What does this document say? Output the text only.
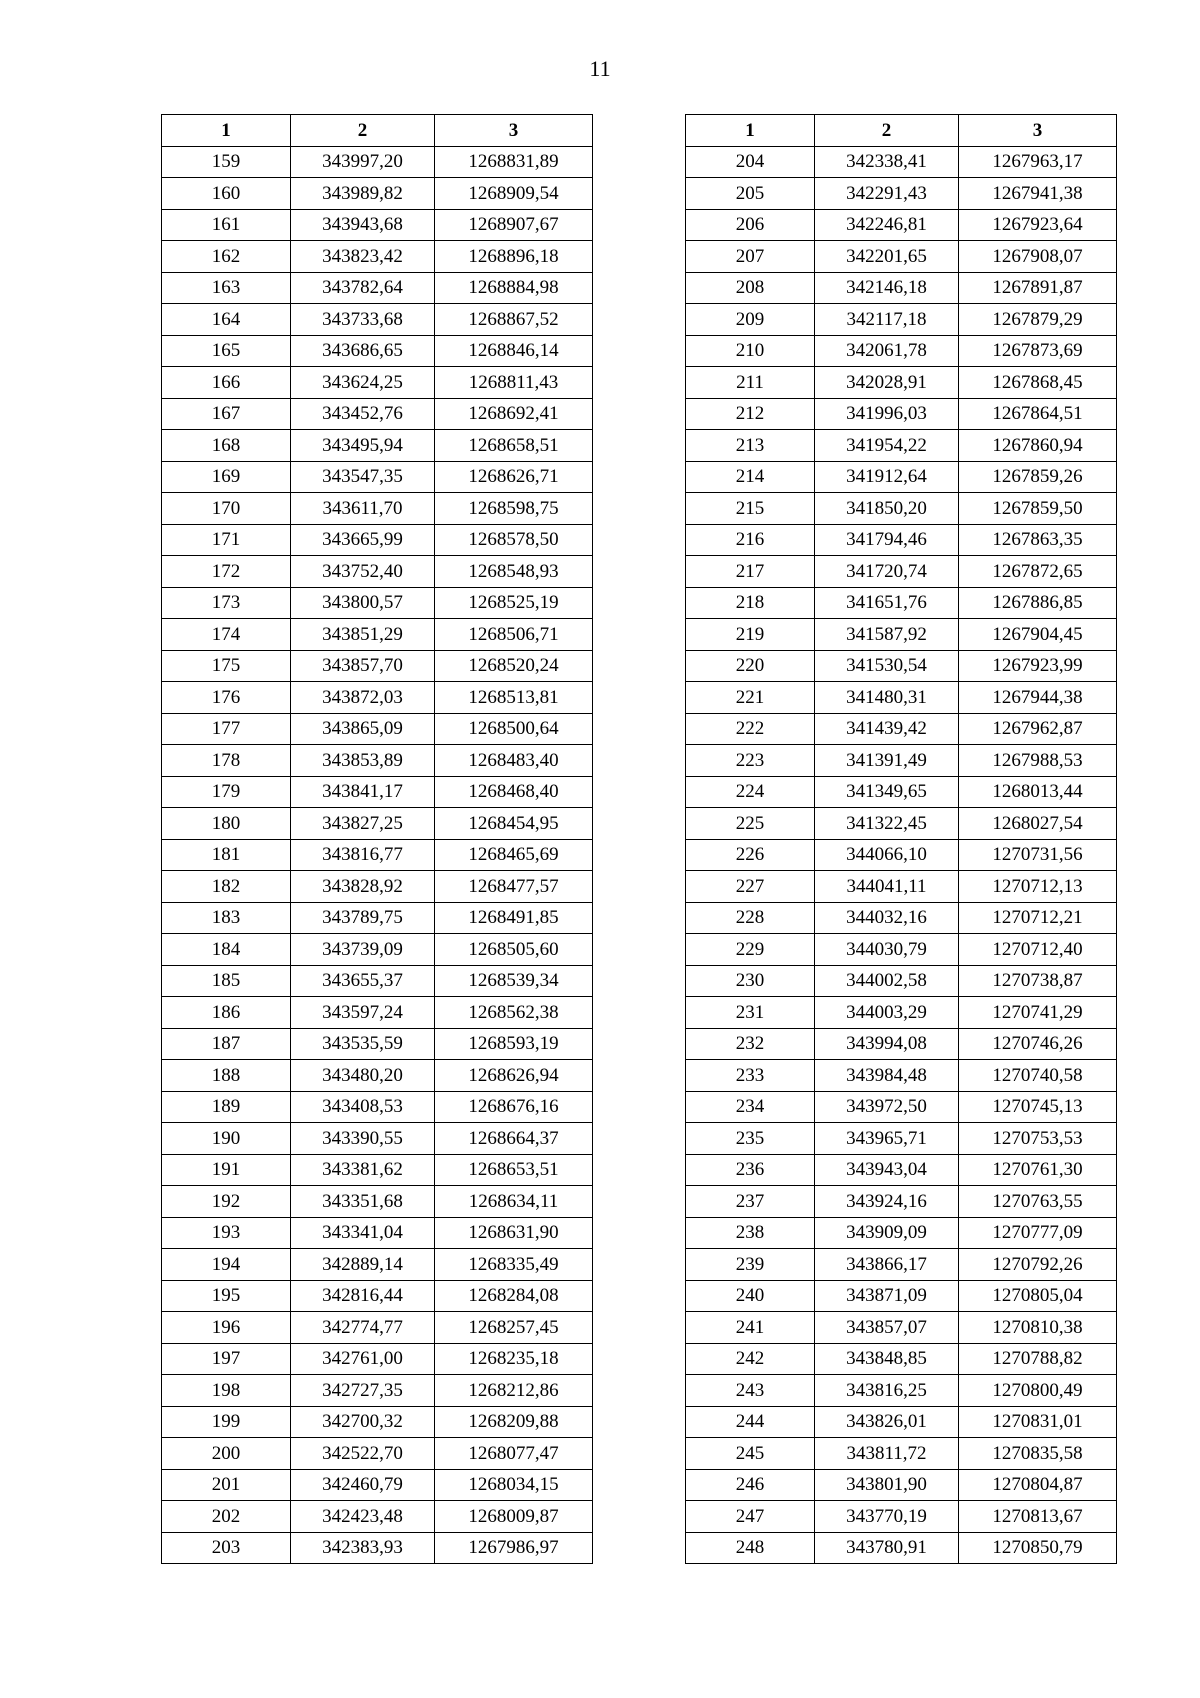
11
1	2	3
159	343997,20	1268831,89
160	343989,82	1268909,54
161	343943,68	1268907,67
162	343823,42	1268896,18
163	343782,64	1268884,98
164	343733,68	1268867,52
165	343686,65	1268846,14
166	343624,25	1268811,43
167	343452,76	1268692,41
168	343495,94	1268658,51
169	343547,35	1268626,71
170	343611,70	1268598,75
171	343665,99	1268578,50
172	343752,40	1268548,93
173	343800,57	1268525,19
174	343851,29	1268506,71
175	343857,70	1268520,24
176	343872,03	1268513,81
177	343865,09	1268500,64
178	343853,89	1268483,40
179	343841,17	1268468,40
180	343827,25	1268454,95
181	343816,77	1268465,69
182	343828,92	1268477,57
183	343789,75	1268491,85
184	343739,09	1268505,60
185	343655,37	1268539,34
186	343597,24	1268562,38
187	343535,59	1268593,19
188	343480,20	1268626,94
189	343408,53	1268676,16
190	343390,55	1268664,37
191	343381,62	1268653,51
192	343351,68	1268634,11
193	343341,04	1268631,90
194	342889,14	1268335,49
195	342816,44	1268284,08
196	342774,77	1268257,45
197	342761,00	1268235,18
198	342727,35	1268212,86
199	342700,32	1268209,88
200	342522,70	1268077,47
201	342460,79	1268034,15
202	342423,48	1268009,87
203	342383,93	1267986,97
1	2	3
204	342338,41	1267963,17
205	342291,43	1267941,38
206	342246,81	1267923,64
207	342201,65	1267908,07
208	342146,18	1267891,87
209	342117,18	1267879,29
210	342061,78	1267873,69
211	342028,91	1267868,45
212	341996,03	1267864,51
213	341954,22	1267860,94
214	341912,64	1267859,26
215	341850,20	1267859,50
216	341794,46	1267863,35
217	341720,74	1267872,65
218	341651,76	1267886,85
219	341587,92	1267904,45
220	341530,54	1267923,99
221	341480,31	1267944,38
222	341439,42	1267962,87
223	341391,49	1267988,53
224	341349,65	1268013,44
225	341322,45	1268027,54
226	344066,10	1270731,56
227	344041,11	1270712,13
228	344032,16	1270712,21
229	344030,79	1270712,40
230	344002,58	1270738,87
231	344003,29	1270741,29
232	343994,08	1270746,26
233	343984,48	1270740,58
234	343972,50	1270745,13
235	343965,71	1270753,53
236	343943,04	1270761,30
237	343924,16	1270763,55
238	343909,09	1270777,09
239	343866,17	1270792,26
240	343871,09	1270805,04
241	343857,07	1270810,38
242	343848,85	1270788,82
243	343816,25	1270800,49
244	343826,01	1270831,01
245	343811,72	1270835,58
246	343801,90	1270804,87
247	343770,19	1270813,67
248	343780,91	1270850,79
